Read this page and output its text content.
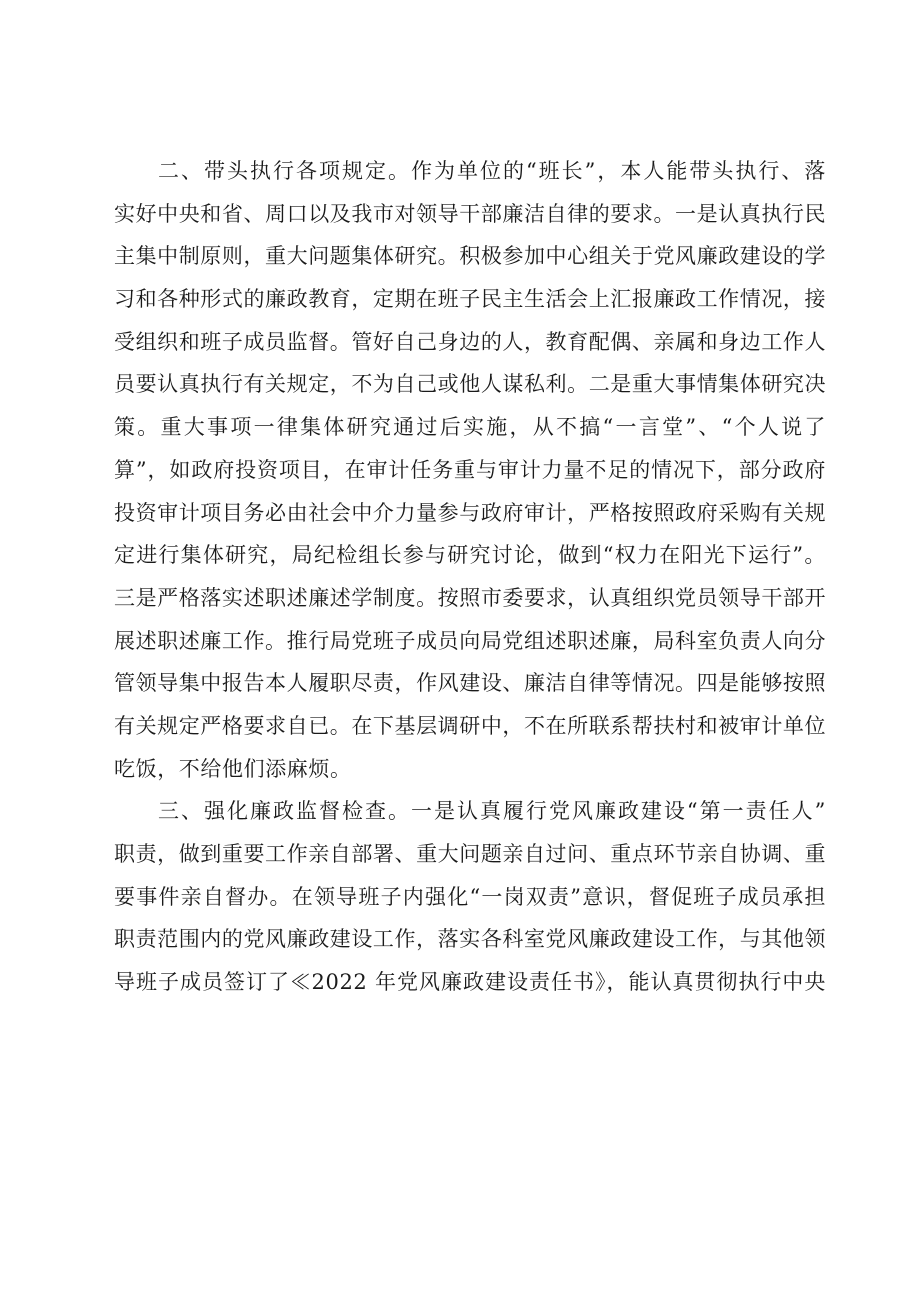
二、带头执行各项规定。作为单位的“班长”，本人能带头执行、落
实好中央和省、周口以及我市对领导干部廉洁自律的要求。一是认真执行民
主集中制原则，重大问题集体研究。积极参加中心组关于党风廉政建设的学
习和各种形式的廉政教育，定期在班子民主生活会上汇报廉政工作情况，接
受组织和班子成员监督。管好自己身边的人，教育配偶、亲属和身边工作人
员要认真执行有关规定，不为自己或他人谋私利。二是重大事情集体研究决
策。重大事项一律集体研究通过后实施，从不搞“一言堂”、“个人说了
算”，如政府投资项目，在审计任务重与审计力量不足的情况下，部分政府
投资审计项目务必由社会中介力量参与政府审计，严格按照政府采购有关规
定进行集体研究，局纪检组长参与研究讨论，做到“权力在阳光下运行”。
三是严格落实述职述廉述学制度。按照市委要求，认真组织党员领导干部开
展述职述廉工作。推行局党班子成员向局党组述职述廉，局科室负责人向分
管领导集中报告本人履职尽责，作风建设、廉洁自律等情况。四是能够按照
有关规定严格要求自已。在下基层调研中，不在所联系帮扶村和被审计单位
吃饭，不给他们添麻烦。
三、强化廉政监督检查。一是认真履行党风廉政建设“第一责任人”
职责，做到重要工作亲自部署、重大问题亲自过问、重点环节亲自协调、重
要事件亲自督办。在领导班子内强化“一岗双责”意识，督促班子成员承担
职责范围内的党风廉政建设工作，落实各科室党风廉政建设工作，与其他领
导班子成员签订了≪2022 年党风廉政建设责任书》，能认真贯彻执行中央
